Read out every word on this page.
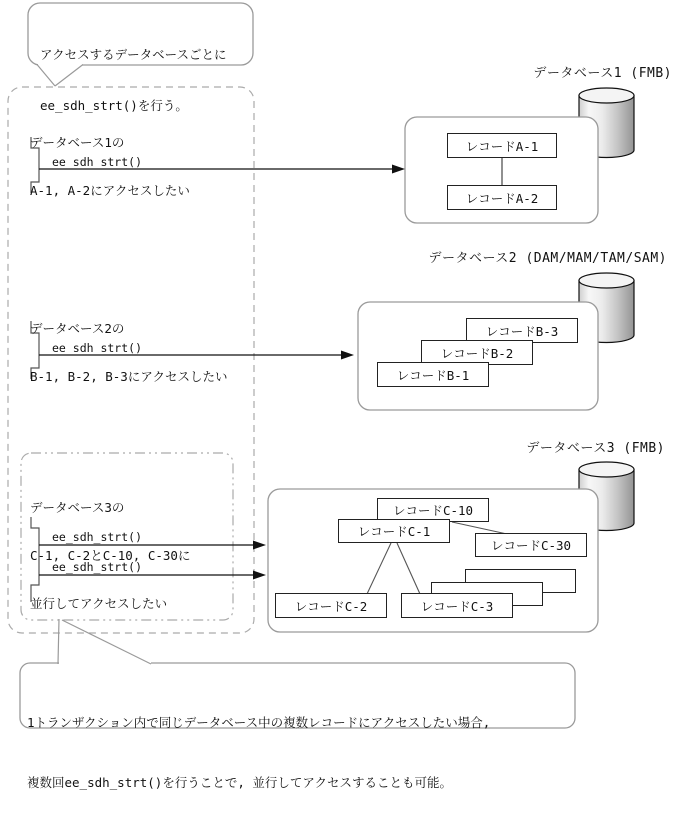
アクセスするデータベースごとに

ee_sdh_strt()を行う。

データベース1 (FMB)
データベース2 (DAM/MAM/TAM/SAM)
データベース3 (FMB)

データベース1の

A-1, A-2にアクセスしたい

ee_sdh_strt()

データベース2の

B-1, B-2, B-3にアクセスしたい

ee_sdh_strt()

データベース3の

C-1, C-2とC-10, C-30に

並行してアクセスしたい

ee_sdh_strt()
ee_sdh_strt()
レコードA-1
レコードA-2
レコードB-3
レコードB-2
レコードB-1
レコードC-10
レコードC-1
レコードC-30
レコードC-2	レコードC-3

1トランザクション内で同じデータベース中の複数レコードにアクセスしたい場合,

複数回ee_sdh_strt()を行うことで, 並行してアクセスすることも可能。
